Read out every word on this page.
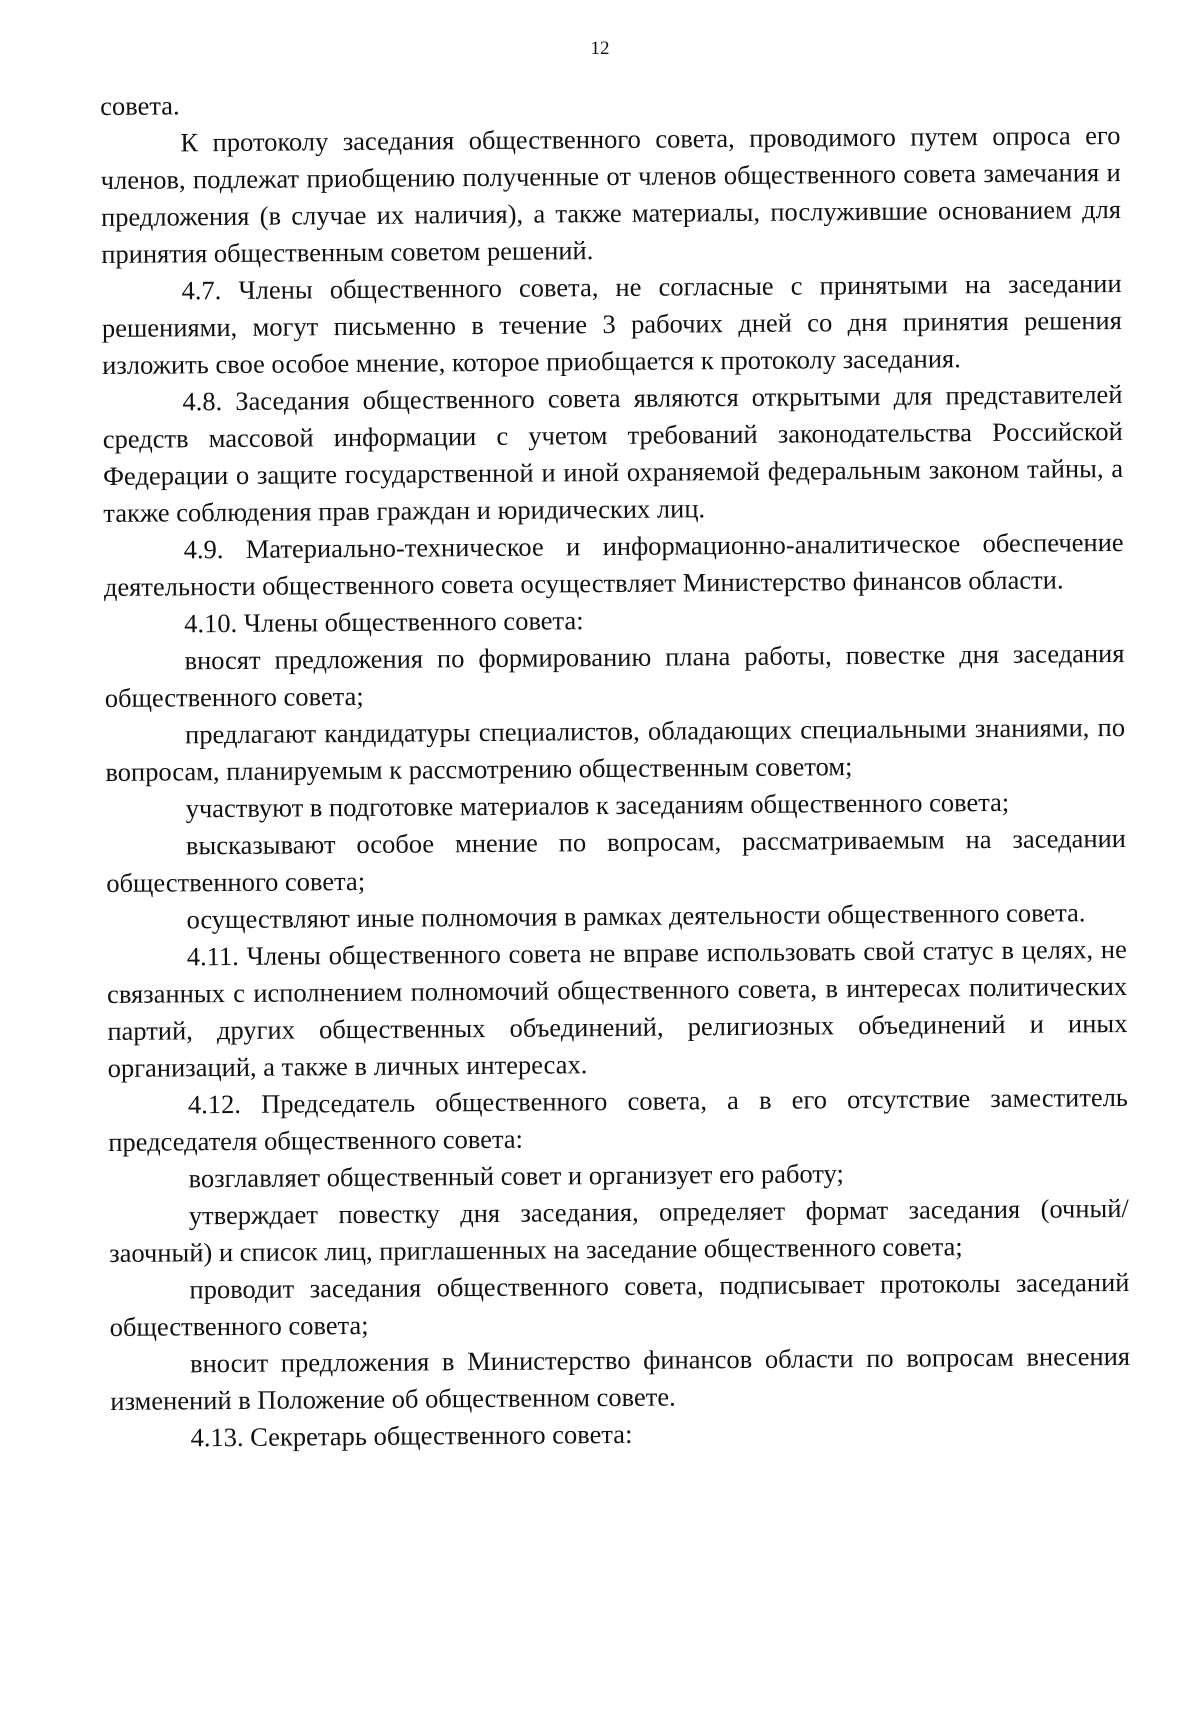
12

совета.

К протоколу заседания общественного совета, проводимого путем опроса его членов, подлежат приобщению полученные от членов общественного совета замечания и предложения (в случае их наличия), а также материалы, послужившие основанием для принятия общественным советом решений.

4.7. Члены общественного совета, не согласные с принятыми на заседании решениями, могут письменно в течение 3 рабочих дней со дня принятия решения изложить свое особое мнение, которое приобщается к протоколу заседания.

4.8. Заседания общественного совета являются открытыми для представителей средств массовой информации с учетом требований законодательства Российской Федерации о защите государственной и иной охраняемой федеральным законом тайны, а также соблюдения прав граждан и юридических лиц.

4.9. Материально-техническое и информационно-аналитическое обеспечение деятельности общественного совета осуществляет Министерство финансов области.

4.10. Члены общественного совета:

вносят предложения по формированию плана работы, повестке дня заседания общественного совета;

предлагают кандидатуры специалистов, обладающих специальными знаниями, по вопросам, планируемым к рассмотрению общественным советом;

участвуют в подготовке материалов к заседаниям общественного совета;

высказывают особое мнение по вопросам, рассматриваемым на заседании общественного совета;

осуществляют иные полномочия в рамках деятельности общественного совета.

4.11. Члены общественного совета не вправе использовать свой статус в целях, не связанных с исполнением полномочий общественного совета, в интересах политических партий, других общественных объединений, религиозных объединений и иных организаций, а также в личных интересах.

4.12. Председатель общественного совета, а в его отсутствие заместитель председателя общественного совета:

возглавляет общественный совет и организует его работу;

утверждает повестку дня заседания, определяет формат заседания (очный/заочный) и список лиц, приглашенных на заседание общественного совета;

проводит заседания общественного совета, подписывает протоколы заседаний общественного совета;

вносит предложения в Министерство финансов области по вопросам внесения изменений в Положение об общественном совете.

4.13. Секретарь общественного совета:
